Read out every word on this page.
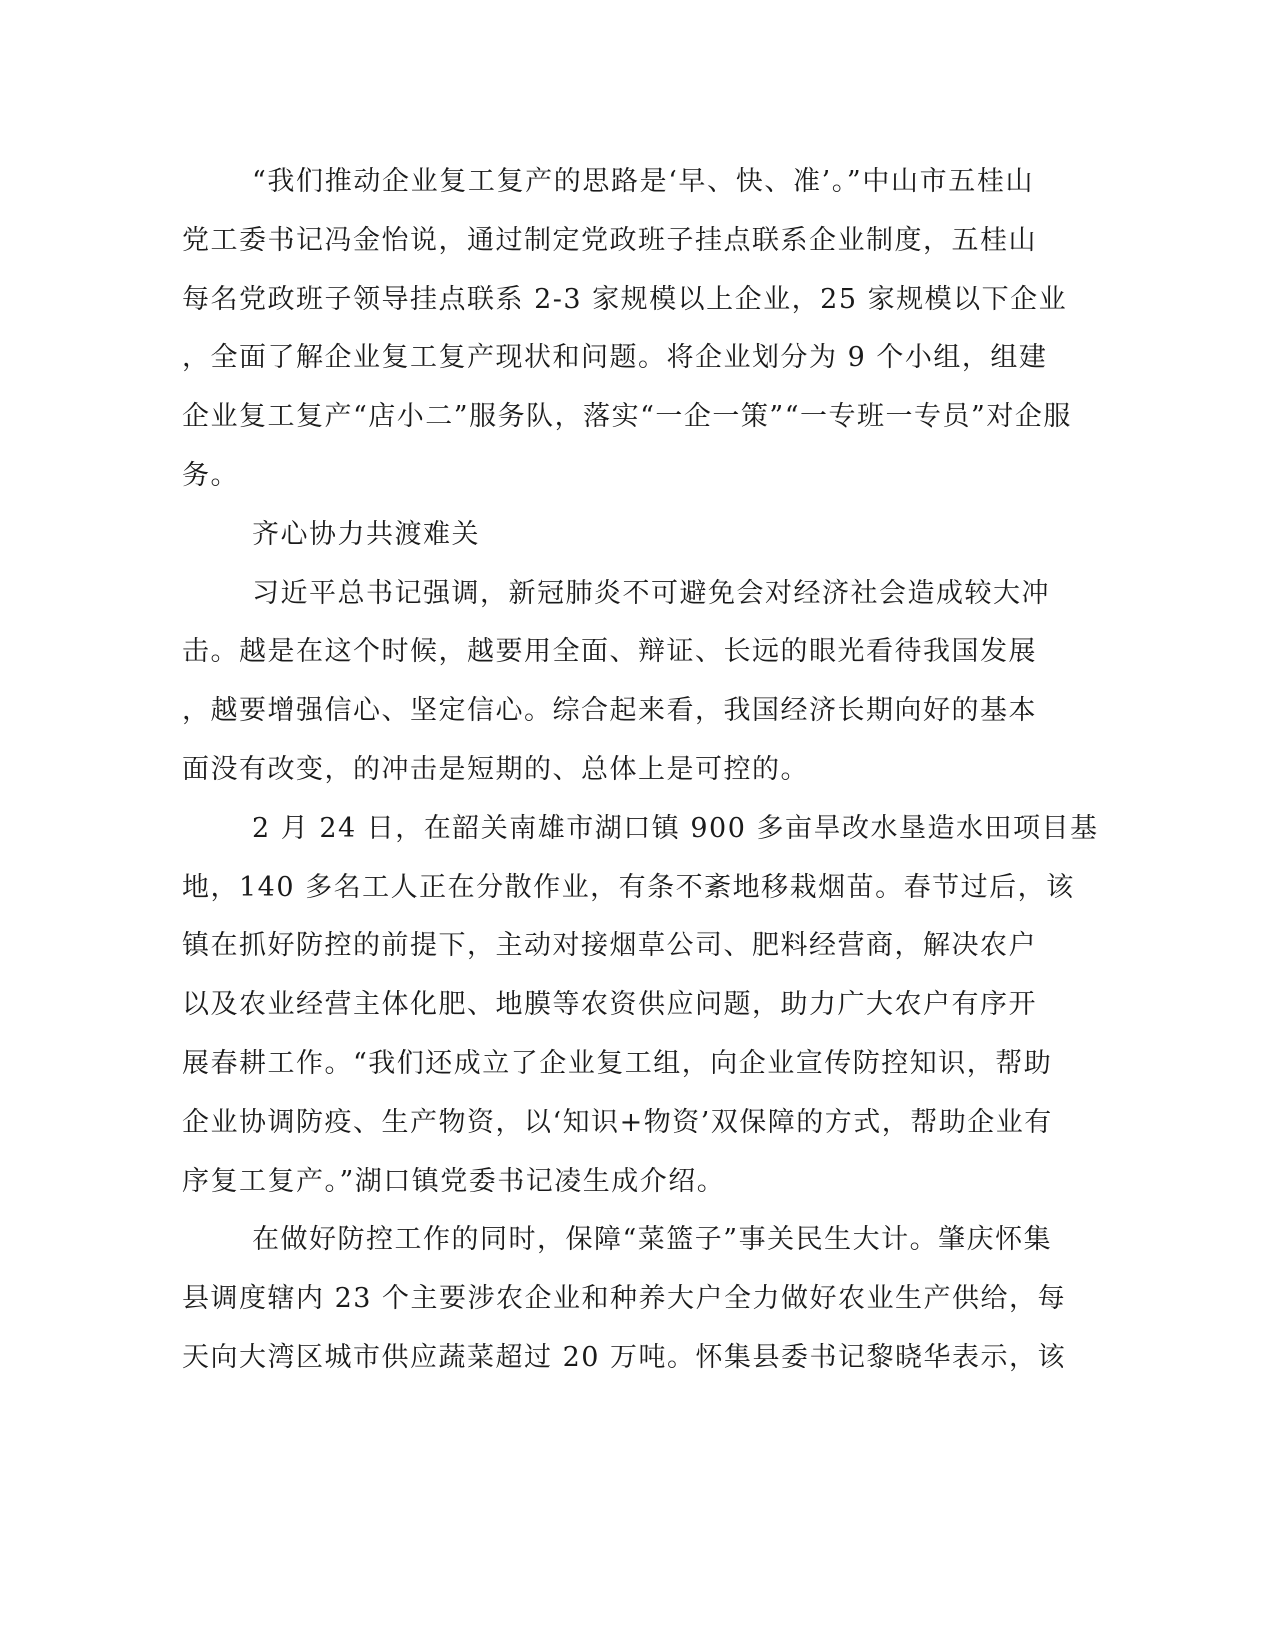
“我们推动企业复工复产的思路是‘早、快、准’。”中山市五桂山
党工委书记冯金怡说，通过制定党政班子挂点联系企业制度，五桂山
每名党政班子领导挂点联系 2-3 家规模以上企业，25 家规模以下企业
，全面了解企业复工复产现状和问题。将企业划分为 9 个小组，组建
企业复工复产“店小二”服务队，落实“一企一策”“一专班一专员”对企服
务。
齐心协力共渡难关
习近平总书记强调，新冠肺炎不可避免会对经济社会造成较大冲
击。越是在这个时候，越要用全面、辩证、长远的眼光看待我国发展
，越要增强信心、坚定信心。综合起来看，我国经济长期向好的基本
面没有改变，的冲击是短期的、总体上是可控的。
2 月 24 日，在韶关南雄市湖口镇 900 多亩旱改水垦造水田项目基
地，140 多名工人正在分散作业，有条不紊地移栽烟苗。春节过后，该
镇在抓好防控的前提下，主动对接烟草公司、肥料经营商，解决农户
以及农业经营主体化肥、地膜等农资供应问题，助力广大农户有序开
展春耕工作。“我们还成立了企业复工组，向企业宣传防控知识，帮助
企业协调防疫、生产物资，以‘知识+物资’双保障的方式，帮助企业有
序复工复产。”湖口镇党委书记凌生成介绍。
在做好防控工作的同时，保障“菜篮子”事关民生大计。肇庆怀集
县调度辖内 23 个主要涉农企业和种养大户全力做好农业生产供给，每
天向大湾区城市供应蔬菜超过 20 万吨。怀集县委书记黎晓华表示，该
